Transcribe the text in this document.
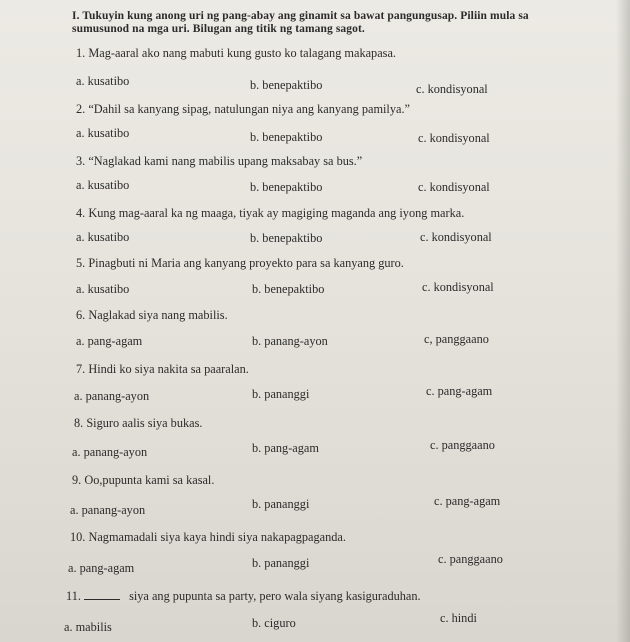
I. Tukuyin kung anong uri ng pang-abay ang ginamit sa bawat pangungusap. Piliin mula sa sumusunod na mga uri. Bilugan ang titik ng tamang sagot.
1. Mag-aaral ako nang mabuti kung gusto ko talagang makapasa.
a. kusatibo	b. benepaktibo	c. kondisyonal
2. “Dahil sa kanyang sipag, natulungan niya ang kanyang pamilya.”
a. kusatibo	b. benepaktibo	c. kondisyonal
3. “Naglakad kami nang mabilis upang maksabay sa bus.”
a. kusatibo	b. benepaktibo	c. kondisyonal
4. Kung mag-aaral ka ng maaga, tiyak ay magiging maganda ang iyong marka.
a. kusatibo	b. benepaktibo	c. kondisyonal
5. Pinagbuti ni Maria ang kanyang proyekto para sa kanyang guro.
a. kusatibo	b. benepaktibo	c. kondisyonal
6. Naglakad siya nang mabilis.
a. pang-agam	b. panang-ayon	c, panggaano
7. Hindi ko siya nakita sa paaralan.
a. panang-ayon	b. pananggi	c. pang-agam
8. Siguro aalis siya bukas.
a. panang-ayon	b. pang-agam	c. panggaano
9. Oo,pupunta kami sa kasal.
a. panang-ayon	b. pananggi	c. pang-agam
10. Nagmamadali siya kaya hindi siya nakapagpaganda.
a. pang-agam	b. pananggi	c. panggaano
11.	siya ang pupunta sa party, pero wala siyang kasiguraduhan.
a. mabilis	b. ciguro	c. hindi
